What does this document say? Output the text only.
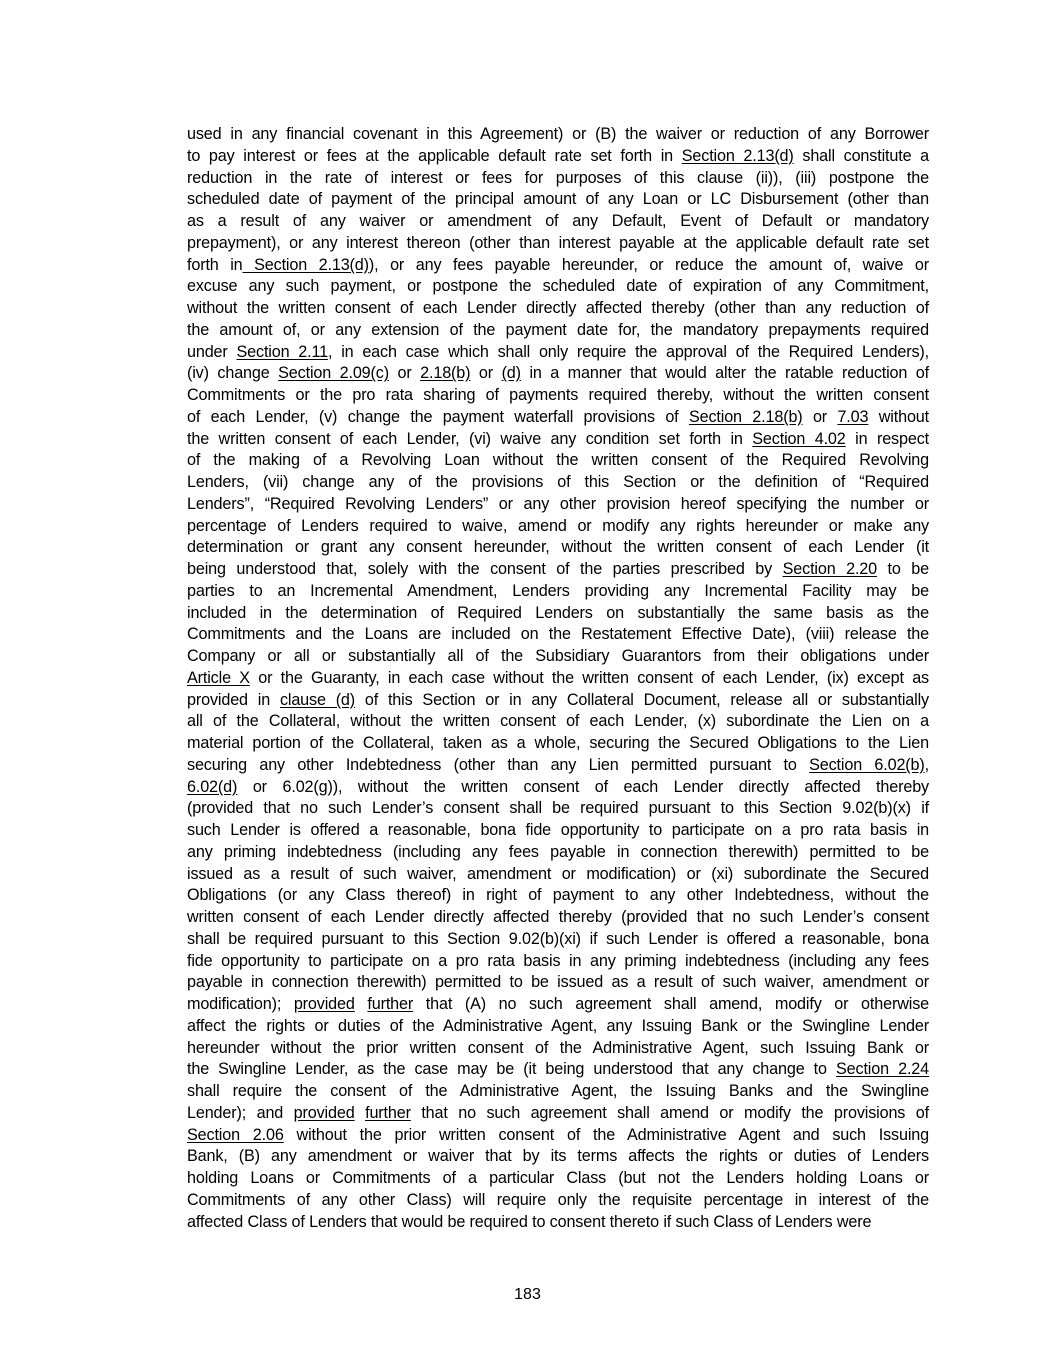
used in any financial covenant in this Agreement) or (B) the waiver or reduction of any Borrower
to pay interest or fees at the applicable default rate set forth in Section 2.13(d) shall constitute a
reduction in the rate of interest or fees for purposes of this clause (ii)), (iii) postpone the
scheduled date of payment of the principal amount of any Loan or LC Disbursement (other than
as a result of any waiver or amendment of any Default, Event of Default or mandatory
prepayment), or any interest thereon (other than interest payable at the applicable default rate set
forth in Section 2.13(d)), or any fees payable hereunder, or reduce the amount of, waive or
excuse any such payment, or postpone the scheduled date of expiration of any Commitment,
without the written consent of each Lender directly affected thereby (other than any reduction of
the amount of, or any extension of the payment date for, the mandatory prepayments required
under Section 2.11, in each case which shall only require the approval of the Required Lenders),
(iv) change Section 2.09(c) or 2.18(b) or (d) in a manner that would alter the ratable reduction of
Commitments or the pro rata sharing of payments required thereby, without the written consent
of each Lender, (v) change the payment waterfall provisions of Section 2.18(b) or 7.03 without
the written consent of each Lender, (vi) waive any condition set forth in Section 4.02 in respect
of the making of a Revolving Loan without the written consent of the Required Revolving
Lenders, (vii) change any of the provisions of this Section or the definition of “Required
Lenders”, “Required Revolving Lenders” or any other provision hereof specifying the number or
percentage of Lenders required to waive, amend or modify any rights hereunder or make any
determination or grant any consent hereunder, without the written consent of each Lender (it
being understood that, solely with the consent of the parties prescribed by Section 2.20 to be
parties to an Incremental Amendment, Lenders providing any Incremental Facility may be
included in the determination of Required Lenders on substantially the same basis as the
Commitments and the Loans are included on the Restatement Effective Date), (viii) release the
Company or all or substantially all of the Subsidiary Guarantors from their obligations under
Article X or the Guaranty, in each case without the written consent of each Lender, (ix) except as
provided in clause (d) of this Section or in any Collateral Document, release all or substantially
all of the Collateral, without the written consent of each Lender, (x) subordinate the Lien on a
material portion of the Collateral, taken as a whole, securing the Secured Obligations to the Lien
securing any other Indebtedness (other than any Lien permitted pursuant to Section 6.02(b),
6.02(d) or 6.02(g)), without the written consent of each Lender directly affected thereby
(provided that no such Lender’s consent shall be required pursuant to this Section 9.02(b)(x) if
such Lender is offered a reasonable, bona fide opportunity to participate on a pro rata basis in
any priming indebtedness (including any fees payable in connection therewith) permitted to be
issued as a result of such waiver, amendment or modification) or (xi) subordinate the Secured
Obligations (or any Class thereof) in right of payment to any other Indebtedness, without the
written consent of each Lender directly affected thereby (provided that no such Lender’s consent
shall be required pursuant to this Section 9.02(b)(xi) if such Lender is offered a reasonable, bona
fide opportunity to participate on a pro rata basis in any priming indebtedness (including any fees
payable in connection therewith) permitted to be issued as a result of such waiver, amendment or
modification); provided further that (A) no such agreement shall amend, modify or otherwise
affect the rights or duties of the Administrative Agent, any Issuing Bank or the Swingline Lender
hereunder without the prior written consent of the Administrative Agent, such Issuing Bank or
the Swingline Lender, as the case may be (it being understood that any change to Section 2.24
shall require the consent of the Administrative Agent, the Issuing Banks and the Swingline
Lender); and provided further that no such agreement shall amend or modify the provisions of
Section 2.06 without the prior written consent of the Administrative Agent and such Issuing
Bank, (B) any amendment or waiver that by its terms affects the rights or duties of Lenders
holding Loans or Commitments of a particular Class (but not the Lenders holding Loans or
Commitments of any other Class) will require only the requisite percentage in interest of the
affected Class of Lenders that would be required to consent thereto if such Class of Lenders were
183
